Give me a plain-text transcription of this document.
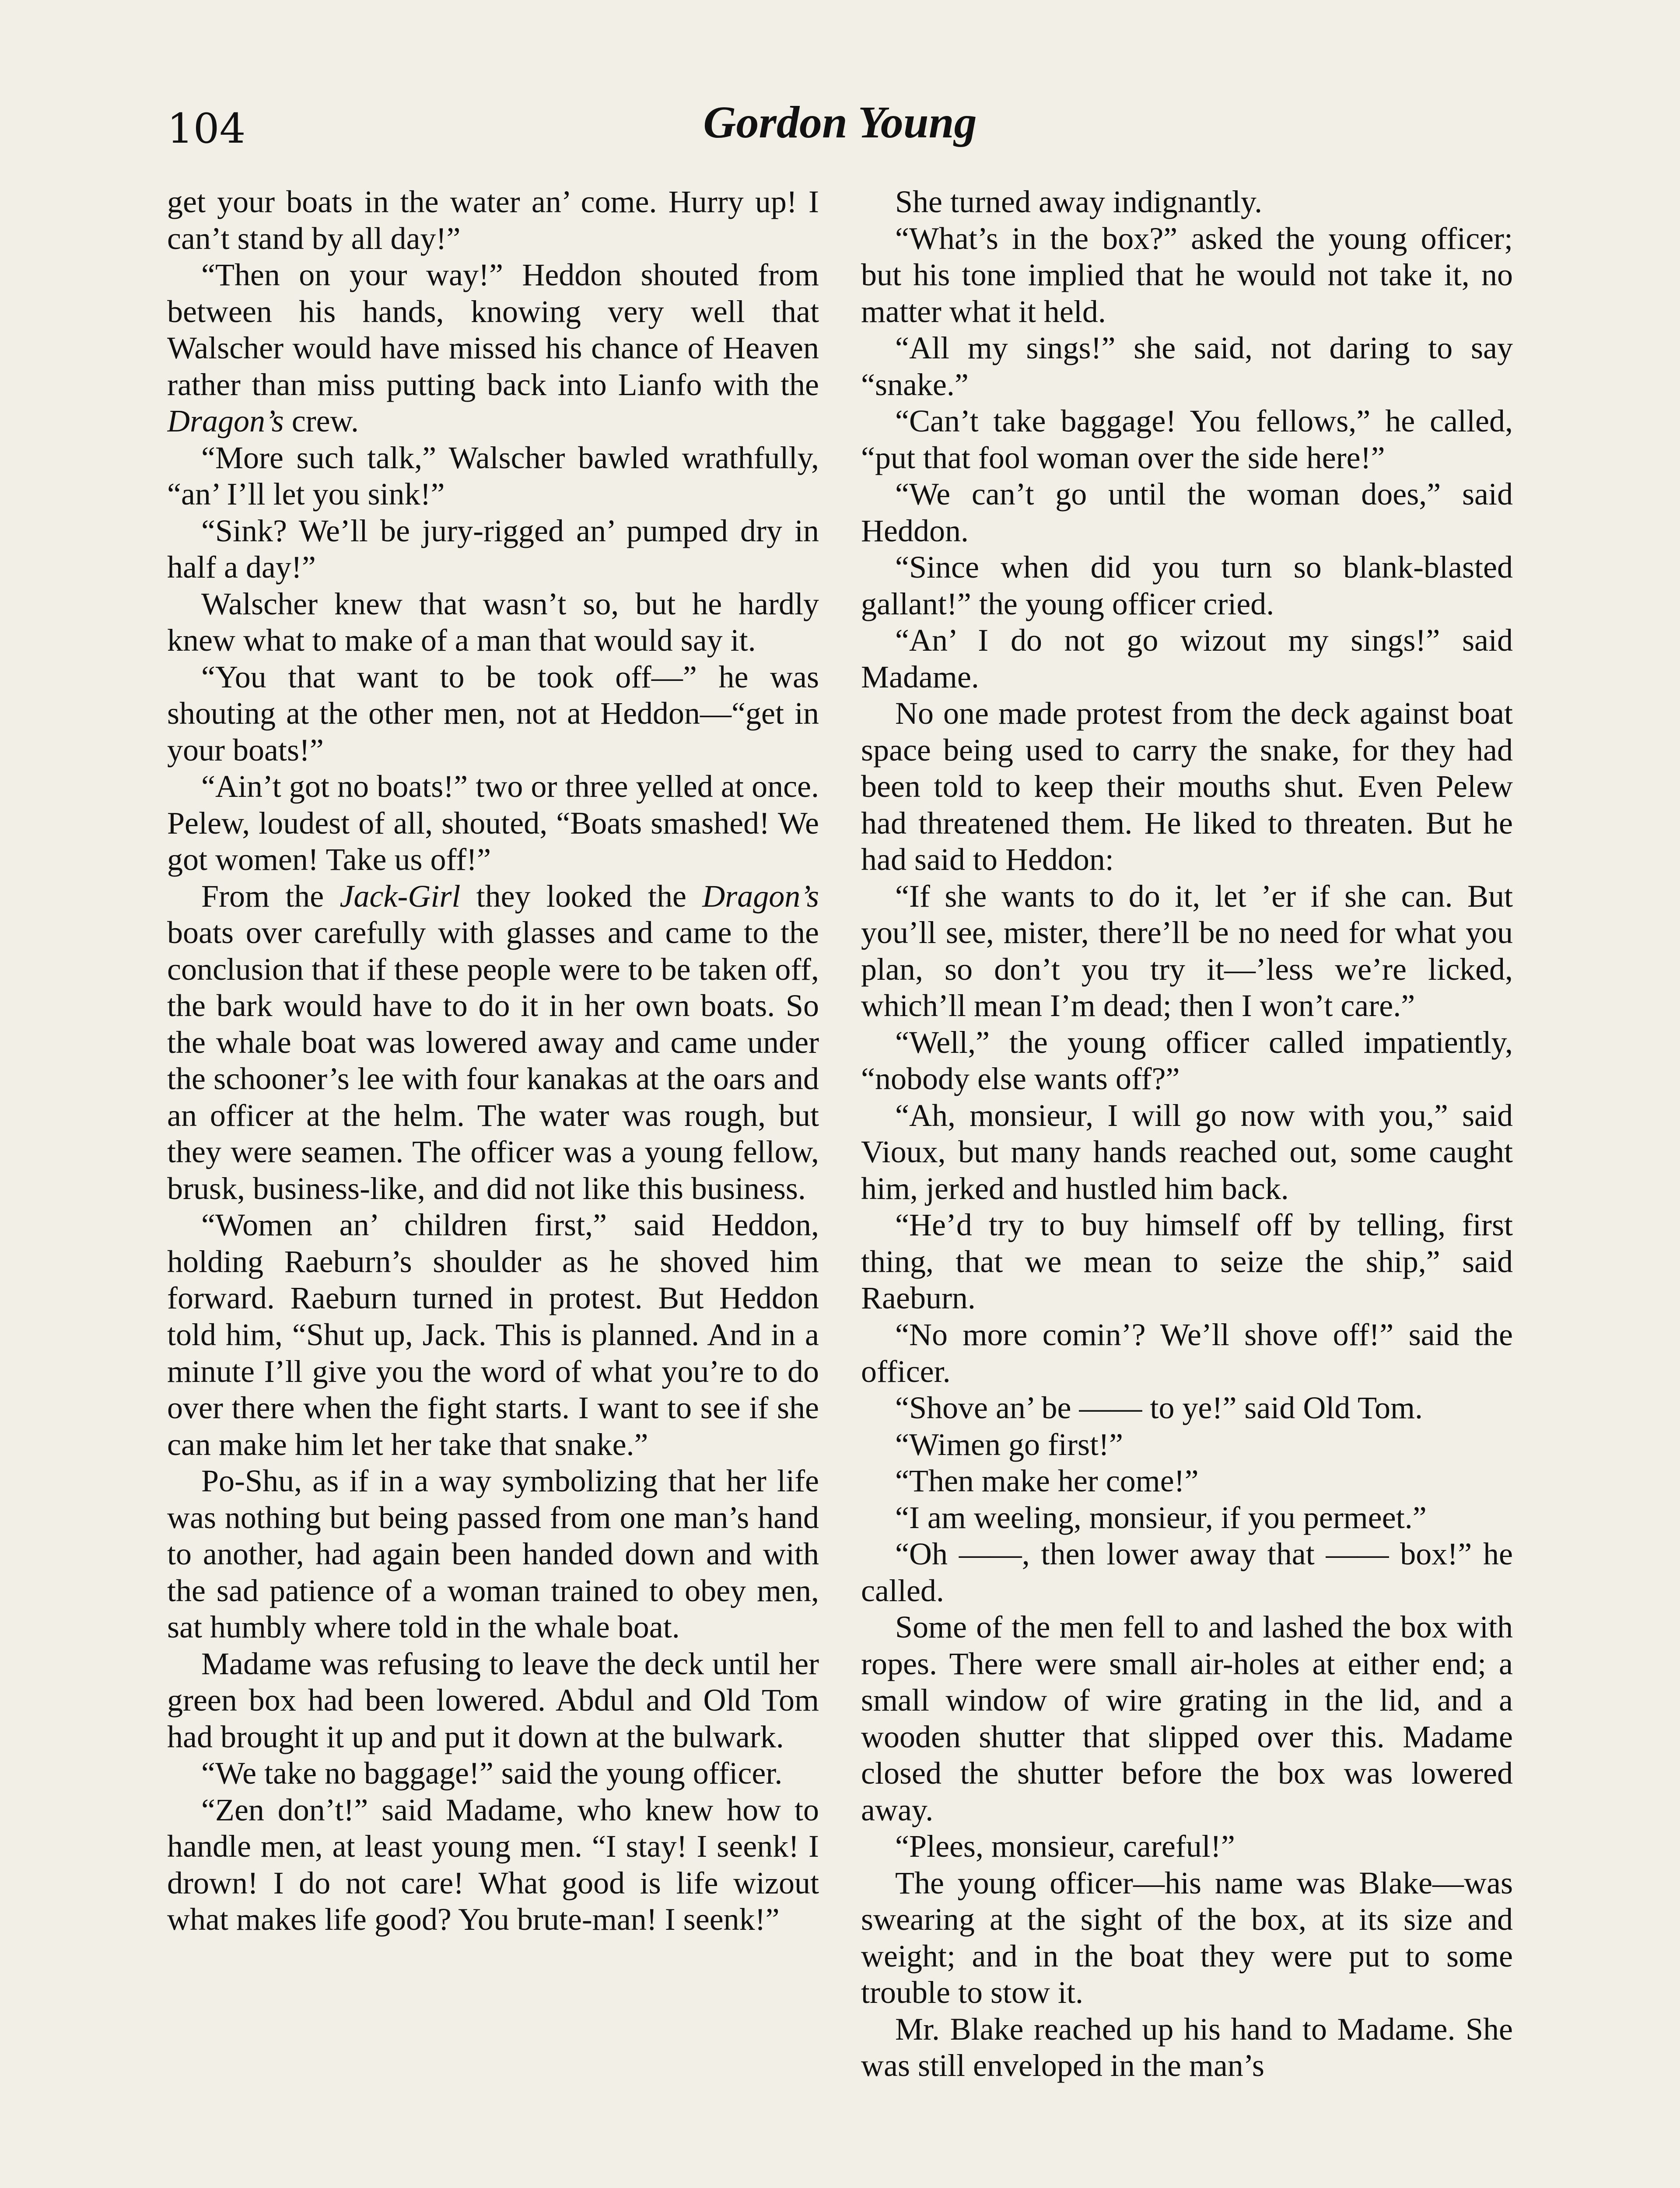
104	Gordon Young

get your boats in the water an’ come. Hurry up! I can’t stand by all day!”

“Then on your way!” Heddon shouted from between his hands, knowing very well that Walscher would have missed his chance of Heaven rather than miss putting back into Lianfo with the Dragon’s crew.

“More such talk,” Walscher bawled wrathfully, “an’ I’ll let you sink!”

“Sink? We’ll be jury-rigged an’ pumped dry in half a day!”

Walscher knew that wasn’t so, but he hardly knew what to make of a man that would say it.

“You that want to be took off—” he was shouting at the other men, not at Heddon—“get in your boats!”

“Ain’t got no boats!” two or three yelled at once. Pelew, loudest of all, shouted, “Boats smashed! We got women! Take us off!”

From the Jack-Girl they looked the Dragon’s boats over carefully with glasses and came to the conclusion that if these people were to be taken off, the bark would have to do it in her own boats. So the whale boat was lowered away and came under the schooner’s lee with four kanakas at the oars and an officer at the helm. The water was rough, but they were seamen. The officer was a young fellow, brusk, business-like, and did not like this business.

“Women an’ children first,” said Heddon, holding Raeburn’s shoulder as he shoved him forward. Raeburn turned in protest. But Heddon told him, “Shut up, Jack. This is planned. And in a minute I’ll give you the word of what you’re to do over there when the fight starts. I want to see if she can make him let her take that snake.”

Po-Shu, as if in a way symbolizing that her life was nothing but being passed from one man’s hand to another, had again been handed down and with the sad patience of a woman trained to obey men, sat humbly where told in the whale boat.

Madame was refusing to leave the deck until her green box had been lowered. Abdul and Old Tom had brought it up and put it down at the bulwark.

“We take no baggage!” said the young officer.

“Zen don’t!” said Madame, who knew how to handle men, at least young men. “I stay! I seenk! I drown! I do not care! What good is life wizout what makes life good? You brute-man! I seenk!”

She turned away indignantly.

“What’s in the box?” asked the young officer; but his tone implied that he would not take it, no matter what it held.

“All my sings!” she said, not daring to say “snake.”

“Can’t take baggage! You fellows,” he called, “put that fool woman over the side here!”

“We can’t go until the woman does,” said Heddon.

“Since when did you turn so blank-blasted gallant!” the young officer cried.

“An’ I do not go wizout my sings!” said Madame.

No one made protest from the deck against boat space being used to carry the snake, for they had been told to keep their mouths shut. Even Pelew had threatened them. He liked to threaten. But he had said to Heddon:

“If she wants to do it, let ’er if she can. But you’ll see, mister, there’ll be no need for what you plan, so don’t you try it—’less we’re licked, which’ll mean I’m dead; then I won’t care.”

“Well,” the young officer called impatiently, “nobody else wants off?”

“Ah, monsieur, I will go now with you,” said Vioux, but many hands reached out, some caught him, jerked and hustled him back.

“He’d try to buy himself off by telling, first thing, that we mean to seize the ship,” said Raeburn.

“No more comin’? We’ll shove off!” said the officer.

“Shove an’ be —— to ye!” said Old Tom.

“Wimen go first!”

“Then make her come!”

“I am weeling, monsieur, if you permeet.”

“Oh ——, then lower away that —— box!” he called.

Some of the men fell to and lashed the box with ropes. There were small air-holes at either end; a small window of wire grating in the lid, and a wooden shutter that slipped over this. Madame closed the shutter before the box was lowered away.

“Plees, monsieur, careful!”

The young officer—his name was Blake—was swearing at the sight of the box, at its size and weight; and in the boat they were put to some trouble to stow it.

Mr. Blake reached up his hand to Madame. She was still enveloped in the man’s
